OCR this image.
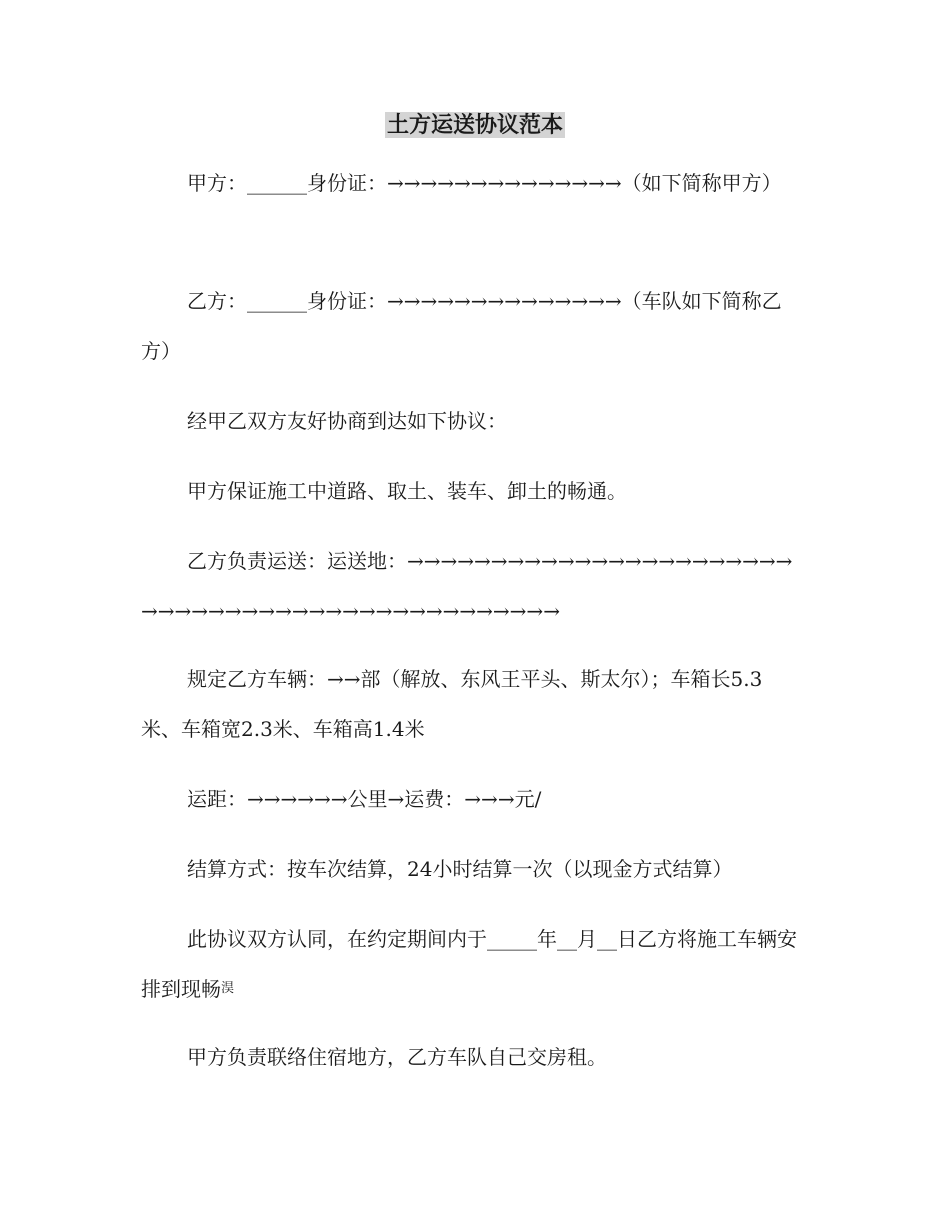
土方运送协议范本
甲方：______身份证：→→→→→→→→→→→→→→（如下简称甲方）
乙方：______身份证：→→→→→→→→→→→→→→（车队如下简称乙方）
经甲乙双方友好协商到达如下协议：
甲方保证施工中道路、取土、装车、卸土的畅通。
乙方负责运送：运送地：→→→→→→→→→→→→→→→→→→→→→→→→→→→→→→→→→→→→→→→→→→→→→→→→
规定乙方车辆：→→部（解放、东风王平头、斯太尔）；车箱长5.3米、车箱宽2.3米、车箱高1.4米
运距：→→→→→→公里→运费：→→→元/
结算方式：按车次结算，24小时结算一次（以现金方式结算）
此协议双方认同，在约定期间内于_____年__月__日乙方将施工车辆安排到现畅$^淏$
甲方负责联络住宿地方，乙方车队自己交房租。
